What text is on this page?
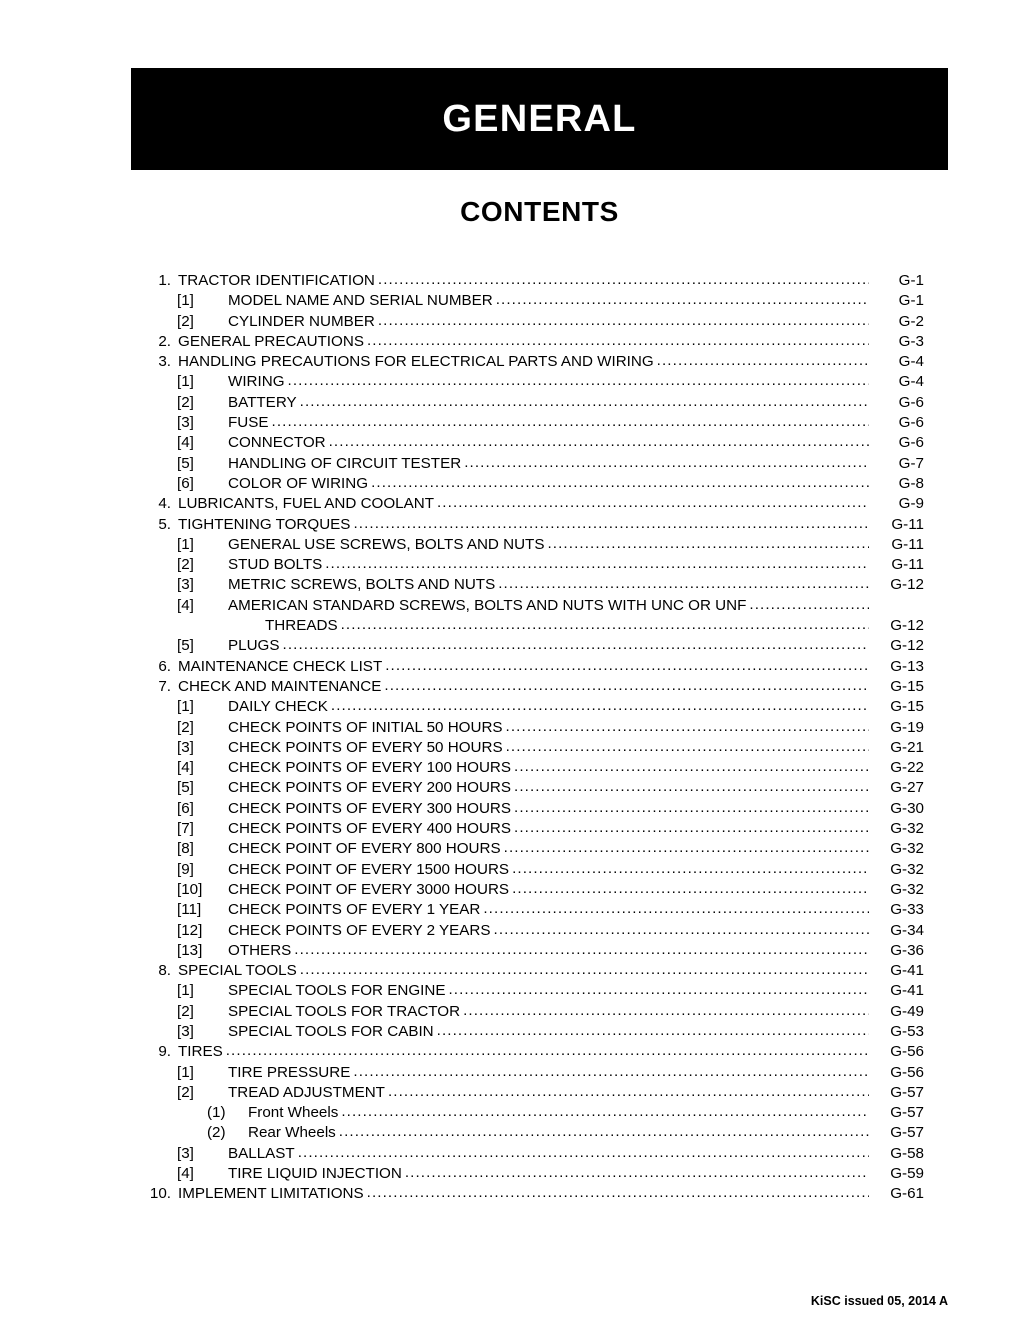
GENERAL
CONTENTS
1. TRACTOR IDENTIFICATION .....	G-1
[1]	MODEL NAME AND SERIAL NUMBER .....	G-1
[2]	CYLINDER NUMBER .....	G-2
2. GENERAL PRECAUTIONS .....	G-3
3. HANDLING PRECAUTIONS FOR ELECTRICAL PARTS AND WIRING .....	G-4
[1]	WIRING .....	G-4
[2]	BATTERY .....	G-6
[3]	FUSE .....	G-6
[4]	CONNECTOR .....	G-6
[5]	HANDLING OF CIRCUIT TESTER .....	G-7
[6]	COLOR OF WIRING .....	G-8
4. LUBRICANTS, FUEL AND COOLANT .....	G-9
5. TIGHTENING TORQUES .....	G-11
[1]	GENERAL USE SCREWS, BOLTS AND NUTS .....	G-11
[2]	STUD BOLTS .....	G-11
[3]	METRIC SCREWS, BOLTS AND NUTS .....	G-12
[4]	AMERICAN STANDARD SCREWS, BOLTS AND NUTS WITH UNC OR UNF
.....
THREADS .....	G-12
[5]	PLUGS .....	G-12
6. MAINTENANCE CHECK LIST .....	G-13
7. CHECK AND MAINTENANCE .....	G-15
[1]	DAILY CHECK .....	G-15
[2]	CHECK POINTS OF INITIAL 50 HOURS .....	G-19
[3]	CHECK POINTS OF EVERY 50 HOURS .....	G-21
[4]	CHECK POINTS OF EVERY 100 HOURS .....	G-22
[5]	CHECK POINTS OF EVERY 200 HOURS .....	G-27
[6]	CHECK POINTS OF EVERY 300 HOURS .....	G-30
[7]	CHECK POINTS OF EVERY 400 HOURS .....	G-32
[8]	CHECK POINT OF EVERY 800 HOURS .....	G-32
[9]	CHECK POINT OF EVERY 1500 HOURS .....	G-32
[10]	CHECK POINT OF EVERY 3000 HOURS .....	G-32
[11]	CHECK POINTS OF EVERY 1 YEAR .....	G-33
[12]	CHECK POINTS OF EVERY 2 YEARS .....	G-34
[13]	OTHERS .....	G-36
8. SPECIAL TOOLS .....	G-41
[1]	SPECIAL TOOLS FOR ENGINE .....	G-41
[2]	SPECIAL TOOLS FOR TRACTOR .....	G-49
[3]	SPECIAL TOOLS FOR CABIN .....	G-53
9. TIRES .....	G-56
[1]	TIRE PRESSURE .....	G-56
[2]	TREAD ADJUSTMENT .....	G-57
(1)	Front Wheels .....	G-57
(2)	Rear Wheels .....	G-57
[3]	BALLAST .....	G-58
[4]	TIRE LIQUID INJECTION .....	G-59
10. IMPLEMENT LIMITATIONS .....	G-61
KiSC issued 05, 2014 A
